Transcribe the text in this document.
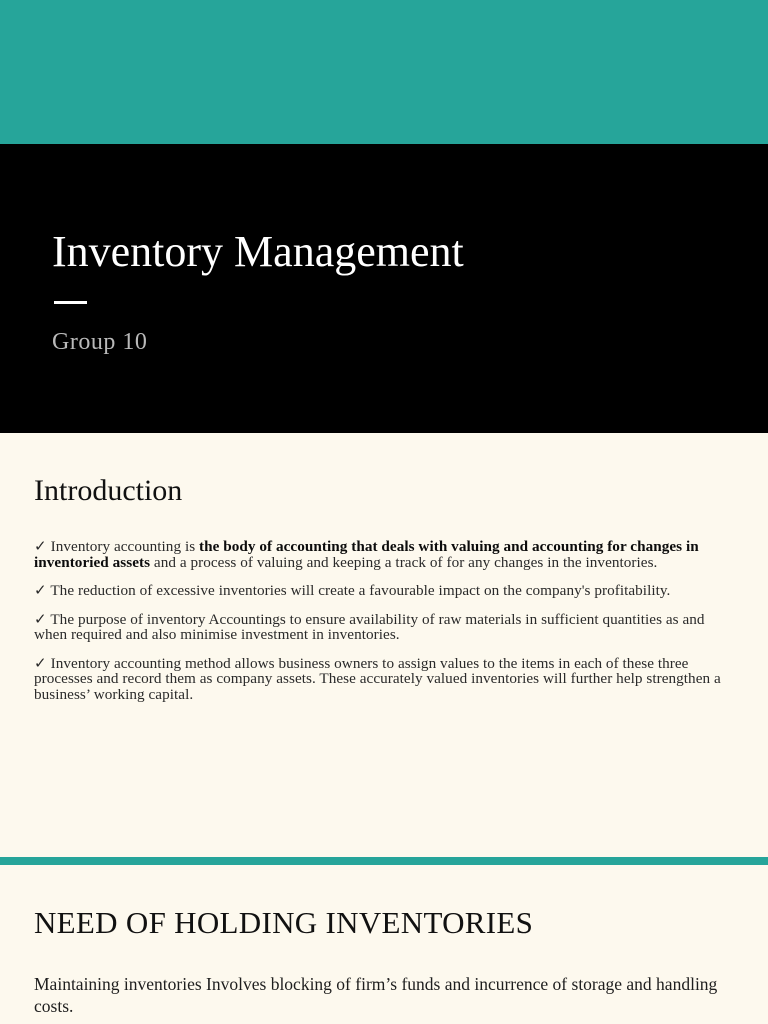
Inventory Management

Group 10

Introduction
✓ Inventory accounting is the body of accounting that deals with valuing and accounting for changes in inventoried assets and a process of valuing and keeping a track of for any changes in the inventories.
✓ The reduction of excessive inventories will create a favourable impact on the company's profitability.
✓ The purpose of inventory Accountings to ensure availability of raw materials in sufficient quantities as and when required and also minimise investment in inventories.
✓ Inventory accounting method allows business owners to assign values to the items in each of these three processes and record them as company assets. These accurately valued inventories will further help strengthen a business’ working capital.
NEED OF HOLDING INVENTORIES

Maintaining inventories Involves blocking of firm’s funds and incurrence of storage and handling costs.
